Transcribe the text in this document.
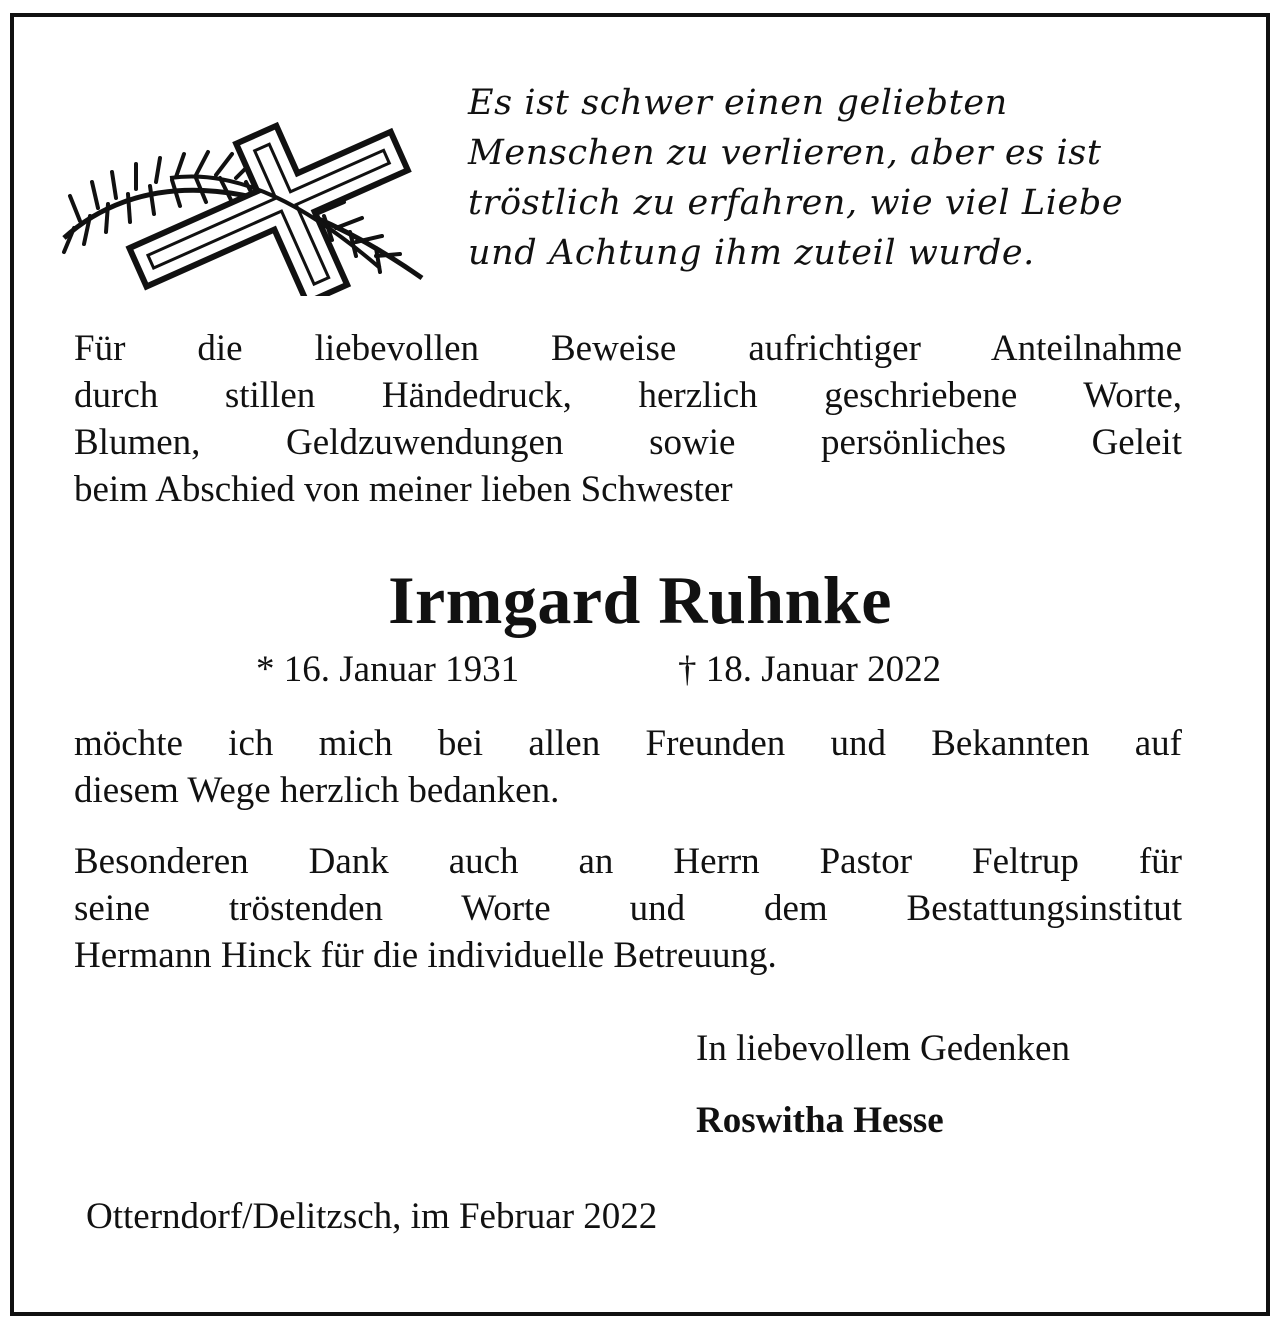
Es ist schwer einen geliebten
Menschen zu verlieren, aber es ist
tröstlich zu erfahren, wie viel Liebe
und Achtung ihm zuteil wurde.
Für die liebevollen Beweise aufrichtiger Anteilnahme
durch stillen Händedruck, herzlich geschriebene Worte,
Blumen, Geldzuwendungen sowie persönliches Geleit
beim Abschied von meiner lieben Schwester
Irmgard Ruhnke
* 16. Januar 1931	† 18. Januar 2022
möchte ich mich bei allen Freunden und Bekannten auf
diesem Wege herzlich bedanken.
Besonderen Dank auch an Herrn Pastor Feltrup für
seine tröstenden Worte und dem Bestattungsinstitut
Hermann Hinck für die individuelle Betreuung.
In liebevollem Gedenken
Roswitha Hesse
Otterndorf/Delitzsch, im Februar 2022
